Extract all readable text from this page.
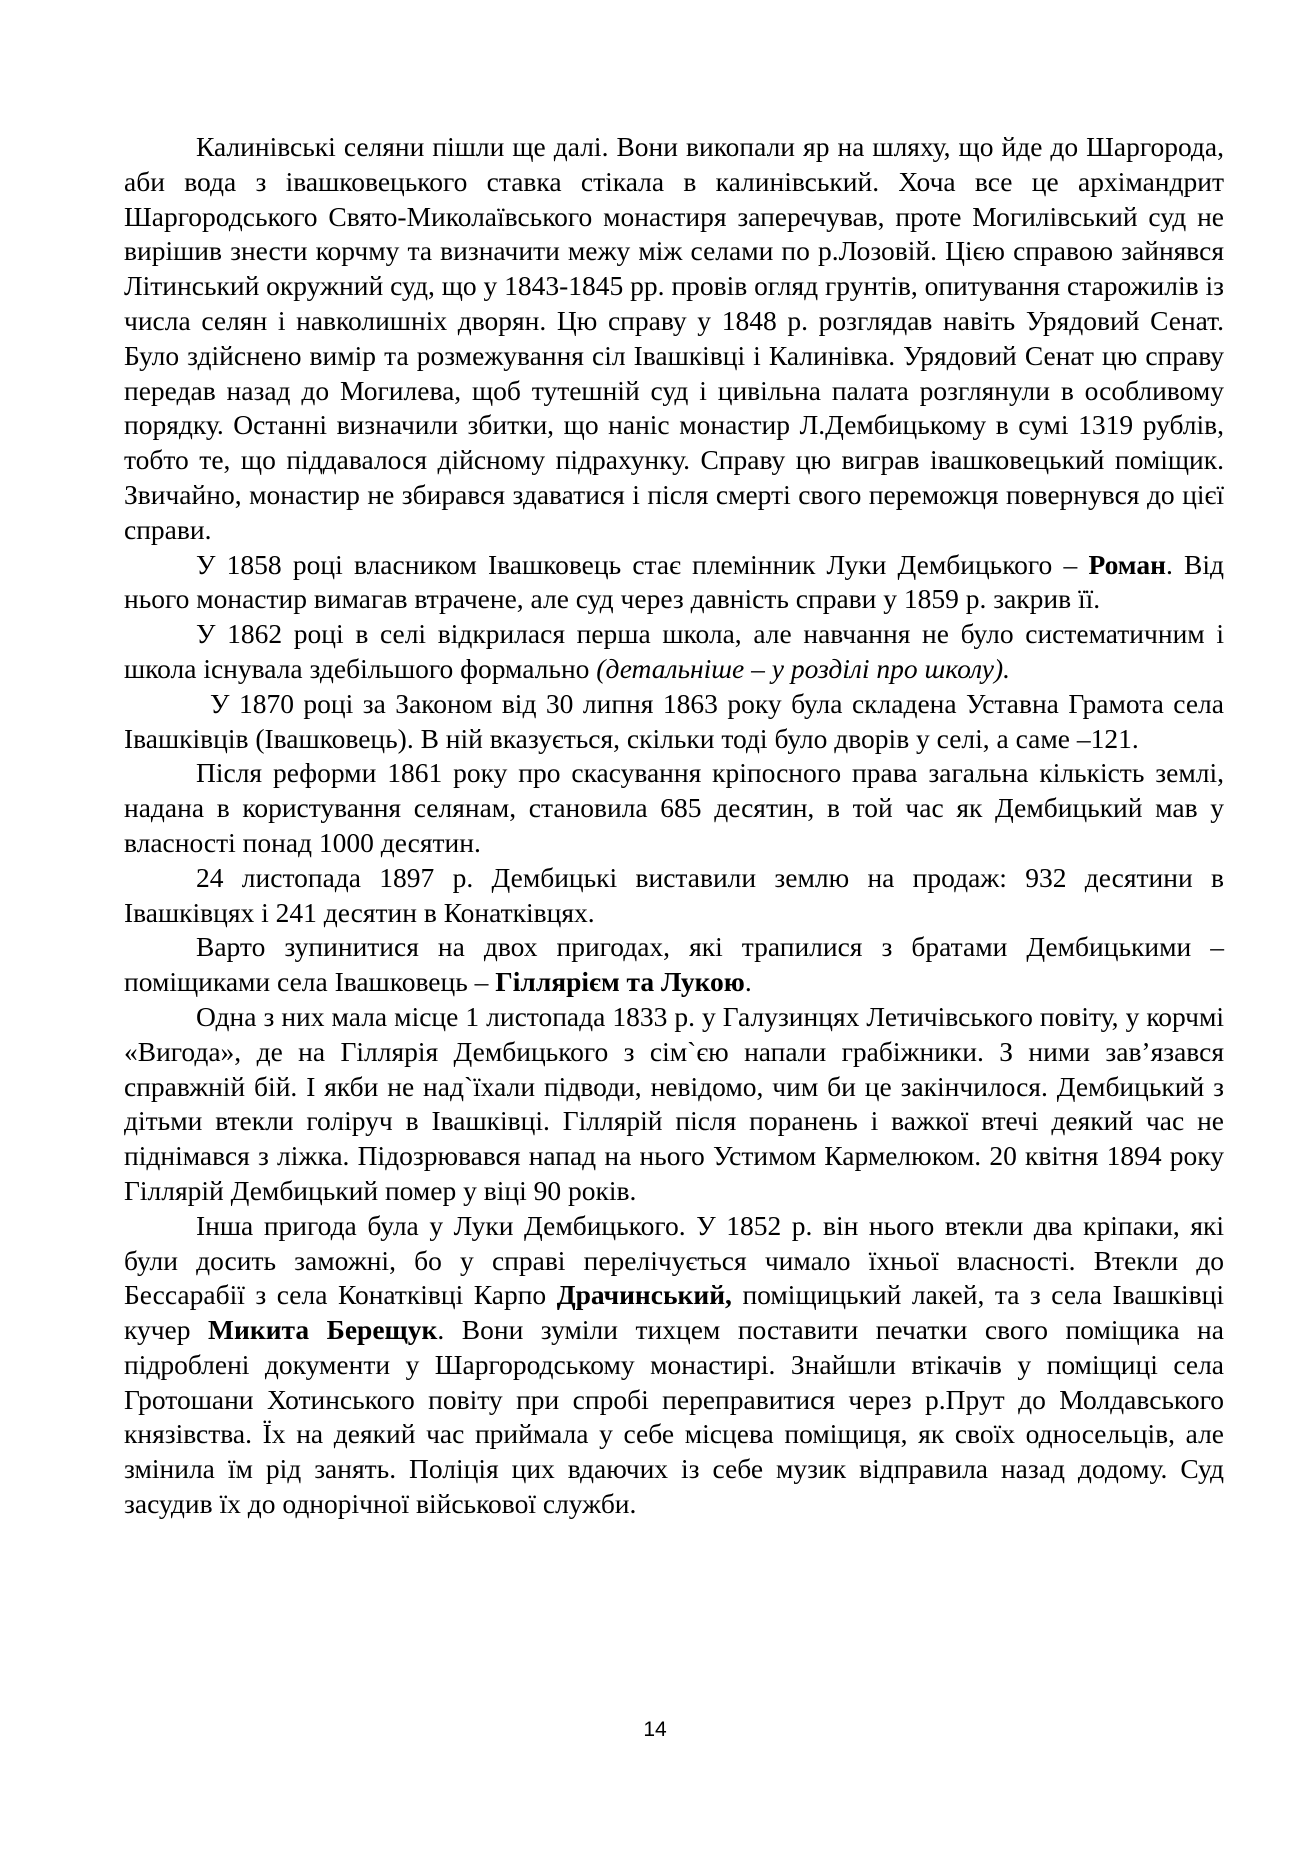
Калинівські селяни пішли ще далі. Вони викопали яр на шляху, що йде до Шаргорода, аби вода з івашковецького ставка стікала в калинівський. Хоча все це архімандрит Шаргородського Свято-Миколаївського монастиря заперечував, проте Могилівський суд не вирішив знести корчму та визначити межу між селами по р.Лозовій. Цією справою зайнявся Літинський окружний суд, що у 1843-1845 рр. провів огляд грунтів, опитування старожилів із числа селян і навколишніх дворян. Цю справу у 1848 р. розглядав навіть Урядовий Сенат. Було здійснено вимір та розмежування сіл Івашківці і Калинівка. Урядовий Сенат цю справу передав назад до Могилева, щоб тутешній суд і цивільна палата розглянули в особливому порядку. Останні визначили збитки, що наніс монастир Л.Дембицькому в сумі 1319 рублів, тобто те, що піддавалося дійсному підрахунку. Справу цю виграв івашковецький поміщик. Звичайно, монастир не збирався здаватися і після смерті свого переможця повернувся до цієї справи.

У 1858 році власником Івашковець стає племінник Луки Дембицького – Роман. Від нього монастир вимагав втрачене, але суд через давність справи у 1859 р. закрив її.

У 1862 році в селі відкрилася перша школа, але навчання не було систематичним і школа існувала здебільшого формально (детальніше – у розділі про школу).

У 1870 році за Законом від 30 липня 1863 року була складена Уставна Грамота села Івашківців (Івашковець). В ній вказується, скільки тоді було дворів у селі, а саме –121.

Після реформи 1861 року про скасування кріпосного права загальна кількість землі, надана в користування селянам, становила 685 десятин, в той час як Дембицький мав у власності понад 1000 десятин.

24 листопада 1897 р. Дембицькі виставили землю на продаж: 932 десятини в Івашківцях і 241 десятин в Конатківцях.

Варто зупинитися на двох пригодах, які трапилися з братами Дембицькими – поміщиками села Івашковець – Гіллярієм та Лукою.

Одна з них мала місце 1 листопада 1833 р. у Галузинцях Летичівського повіту, у корчмі «Вигода», де на Гіллярія Дембицького з сім`єю напали грабіжники. З ними зав’язався справжній бій. І якби не над`їхали підводи, невідомо, чим би це закінчилося. Дембицький з дітьми втекли голіруч в Івашківці. Гіллярій після поранень і важкої втечі деякий час не піднімався з ліжка. Підозрювався напад на нього Устимом Кармелюком. 20 квітня 1894 року Гіллярій Дембицький помер у віці 90 років.

Інша пригода була у Луки Дембицького. У 1852 р. він нього втекли два кріпаки, які були досить заможні, бо у справі перелічується чимало їхньої власності. Втекли до Бессарабії з села Конатківці Карпо Драчинський, поміщицький лакей, та з села Івашківці кучер Микита Берещук. Вони зуміли тихцем поставити печатки свого поміщика на підроблені документи у Шаргородському монастирі. Знайшли втікачів у поміщиці села Гротошани Хотинського повіту при спробі переправитися через р.Прут до Молдавського князівства. Їх на деякий час приймала у себе місцева поміщиця, як своїх односельців, але змінила їм рід занять. Поліція цих вдаючих із себе музик відправила назад додому. Суд засудив їх до однорічної військової служби.

14
